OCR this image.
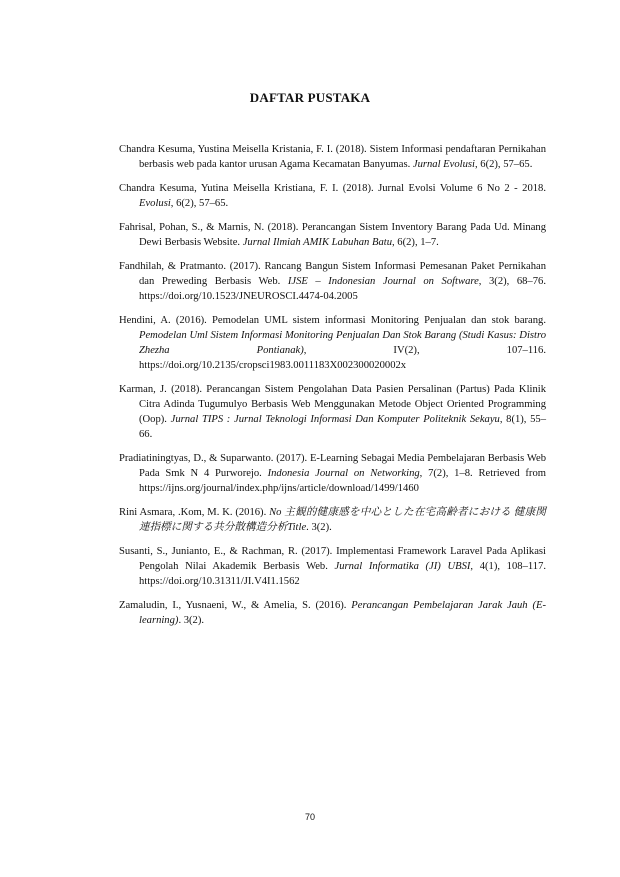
DAFTAR PUSTAKA

Chandra Kesuma, Yustina Meisella Kristania, F. I. (2018). Sistem Informasi pendaftaran Pernikahan berbasis web pada kantor urusan Agama Kecamatan Banyumas. Jurnal Evolusi, 6(2), 57–65.

Chandra Kesuma, Yutina Meisella Kristiana, F. I. (2018). Jurnal Evolsi Volume 6 No 2 - 2018. Evolusi, 6(2), 57–65.

Fahrisal, Pohan, S., & Marnis, N. (2018). Perancangan Sistem Inventory Barang Pada Ud. Minang Dewi Berbasis Website. Jurnal Ilmiah AMIK Labuhan Batu, 6(2), 1–7.

Fandhilah, & Pratmanto. (2017). Rancang Bangun Sistem Informasi Pemesanan Paket Pernikahan dan Preweding Berbasis Web. IJSE – Indonesian Journal on Software, 3(2), 68–76. https://doi.org/10.1523/JNEUROSCI.4474-04.2005

Hendini, A. (2016). Pemodelan UML sistem informasi Monitoring Penjualan dan stok barang. Pemodelan Uml Sistem Informasi Monitoring Penjualan Dan Stok Barang (Studi Kasus: Distro Zhezha Pontianak), IV(2), 107–116. https://doi.org/10.2135/cropsci1983.0011183X002300020002x

Karman, J. (2018). Perancangan Sistem Pengolahan Data Pasien Persalinan (Partus) Pada Klinik Citra Adinda Tugumulyo Berbasis Web Menggunakan Metode Object Oriented Programming (Oop). Jurnal TIPS : Jurnal Teknologi Informasi Dan Komputer Politeknik Sekayu, 8(1), 55–66.

Pradiatiningtyas, D., & Suparwanto. (2017). E-Learning Sebagai Media Pembelajaran Berbasis Web Pada Smk N 4 Purworejo. Indonesia Journal on Networking, 7(2), 1–8. Retrieved from https://ijns.org/journal/index.php/ijns/article/download/1499/1460

Rini Asmara, .Kom, M. K. (2016). No 主観的健康感を中心とした在宅高齢者における 健康関連指標に関する共分散構造分析Title. 3(2).

Susanti, S., Junianto, E., & Rachman, R. (2017). Implementasi Framework Laravel Pada Aplikasi Pengolah Nilai Akademik Berbasis Web. Jurnal Informatika (JI) UBSI, 4(1), 108–117. https://doi.org/10.31311/JI.V4I1.1562

Zamaludin, I., Yusnaeni, W., & Amelia, S. (2016). Perancangan Pembelajaran Jarak Jauh (E-learning). 3(2).

70
